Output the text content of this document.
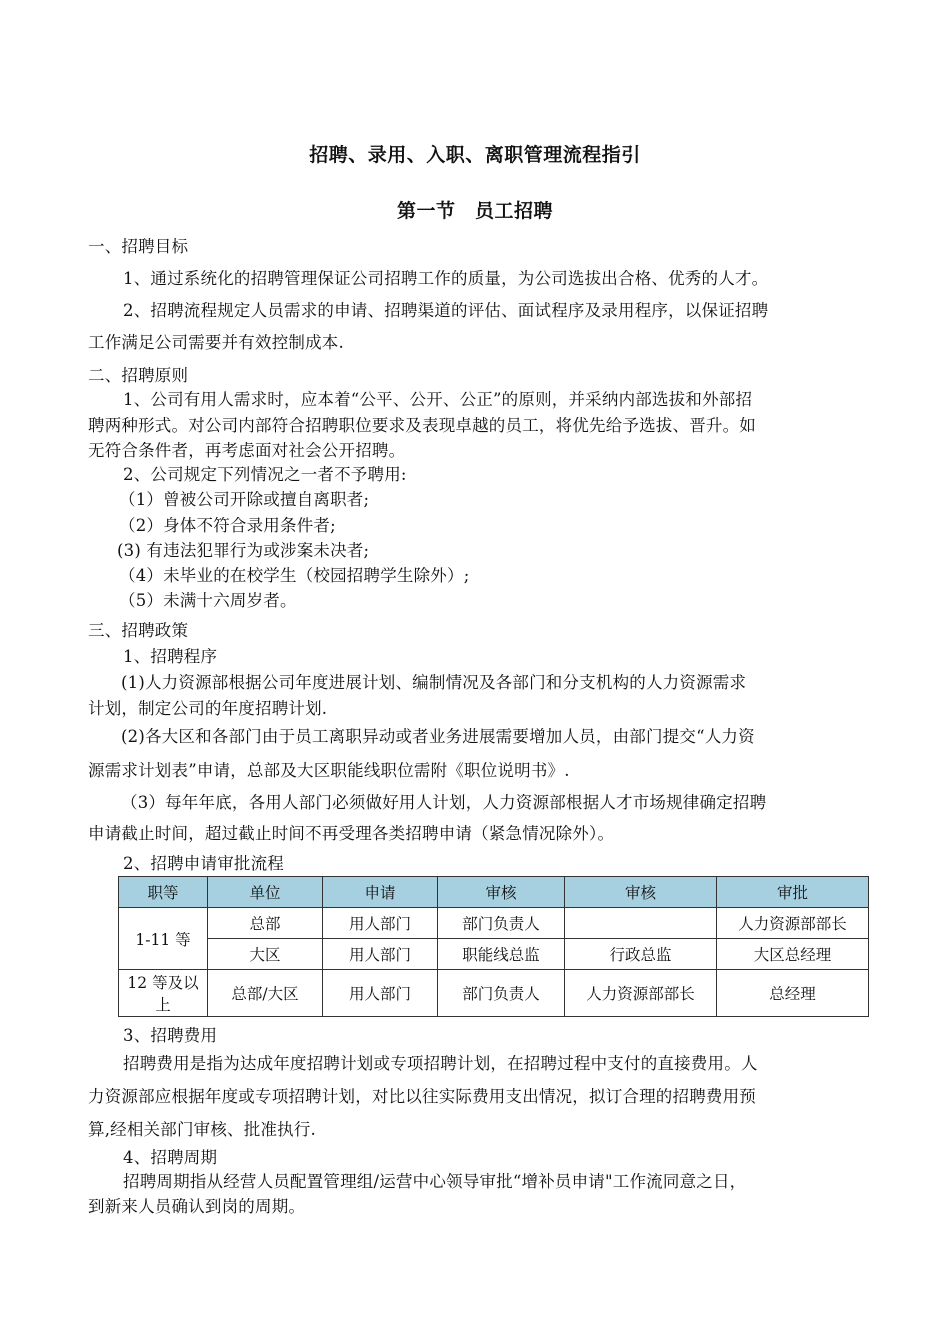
招聘、录用、入职、离职管理流程指引
第一节　员工招聘
一、招聘目标
1、通过系统化的招聘管理保证公司招聘工作的质量，为公司选拔出合格、优秀的人才。
2、招聘流程规定人员需求的申请、招聘渠道的评估、面试程序及录用程序，以保证招聘
工作满足公司需要并有效控制成本.
二、招聘原则
1、公司有用人需求时，应本着“公平、公开、公正”的原则，并采纳内部选拔和外部招
聘两种形式。对公司内部符合招聘职位要求及表现卓越的员工，将优先给予选拔、晋升。如
无符合条件者，再考虑面对社会公开招聘。
2、公司规定下列情况之一者不予聘用:
（1）曾被公司开除或擅自离职者;
（2）身体不符合录用条件者;
(3) 有违法犯罪行为或涉案未决者;
（4）未毕业的在校学生（校园招聘学生除外）;
（5）未满十六周岁者。
三、招聘政策
1、招聘程序
(1)人力资源部根据公司年度进展计划、编制情况及各部门和分支机构的人力资源需求
计划，制定公司的年度招聘计划.
(2)各大区和各部门由于员工离职异动或者业务进展需要增加人员，由部门提交“人力资
源需求计划表”申请，总部及大区职能线职位需附《职位说明书》.
（3）每年年底，各用人部门必须做好用人计划，人力资源部根据人才市场规律确定招聘
申请截止时间，超过截止时间不再受理各类招聘申请（紧急情况除外）。
2、招聘申请审批流程
职等	单位	申请	审核	审核	审批
1-11 等	总部	用人部门	部门负责人		人力资源部部长
	大区	用人部门	职能线总监	行政总监	大区总经理

12 等及以
上	总部/大区	用人部门	部门负责人	人力资源部部长	总经理
3、招聘费用
招聘费用是指为达成年度招聘计划或专项招聘计划，在招聘过程中支付的直接费用。人
力资源部应根据年度或专项招聘计划，对比以往实际费用支出情况，拟订合理的招聘费用预
算,经相关部门审核、批准执行.
4、招聘周期
招聘周期指从经营人员配置管理组/运营中心领导审批“增补员申请"工作流同意之日，
到新来人员确认到岗的周期。
